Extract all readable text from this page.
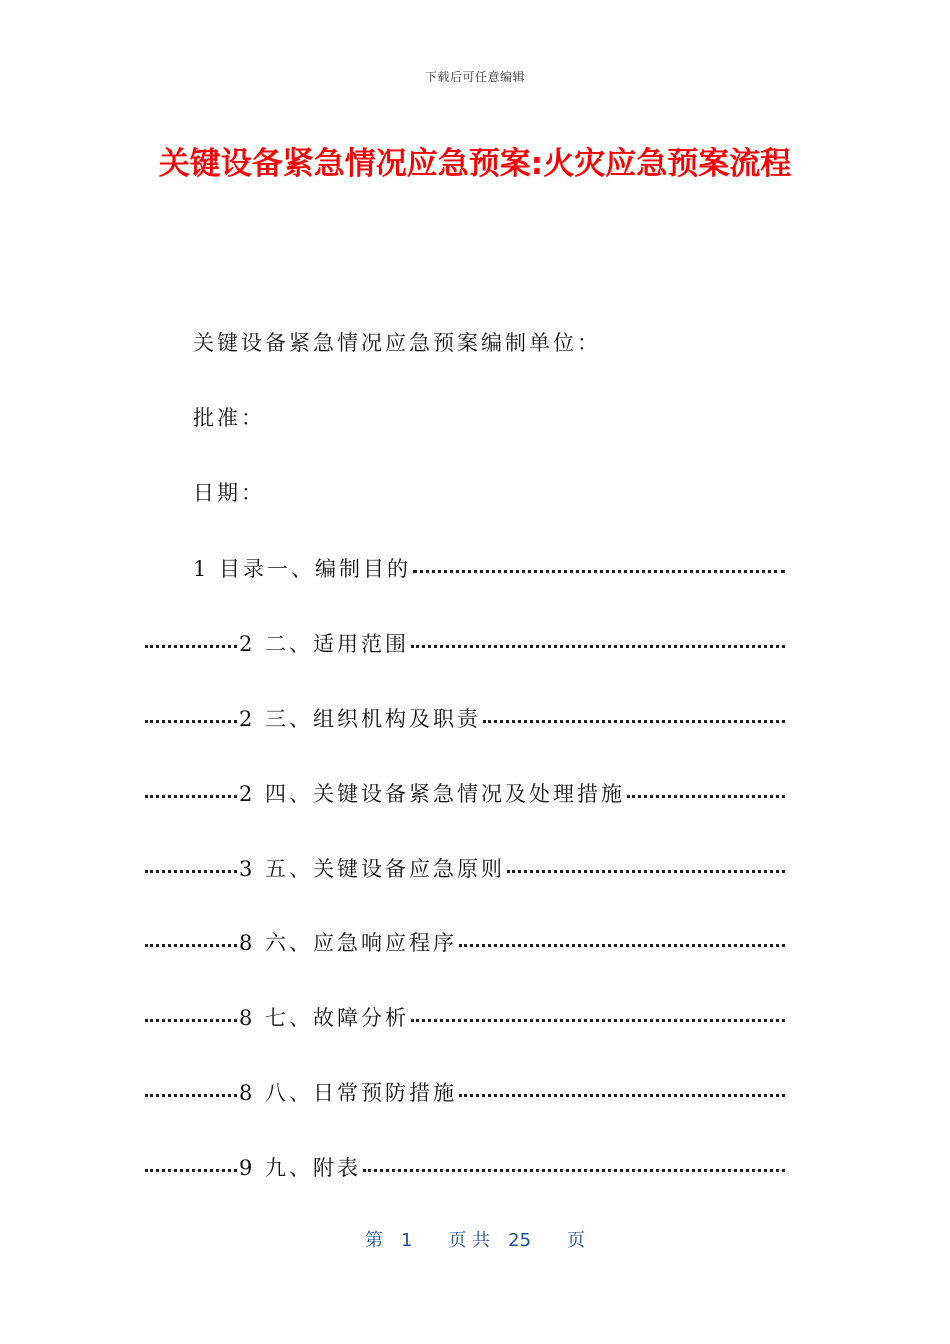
下载后可任意编辑
关键设备紧急情况应急预案:火灾应急预案流程
关键设备紧急情况应急预案编制单位：
批准：
日期：
1 目录一、编制目的
2 二、适用范围
2 三、组织机构及职责
2 四、关键设备紧急情况及处理措施
3 五、关键设备应急原则
8 六、应急响应程序
8 七、故障分析
8 八、日常预防措施
9 九、附表
第　1　　页 共　25　　页
